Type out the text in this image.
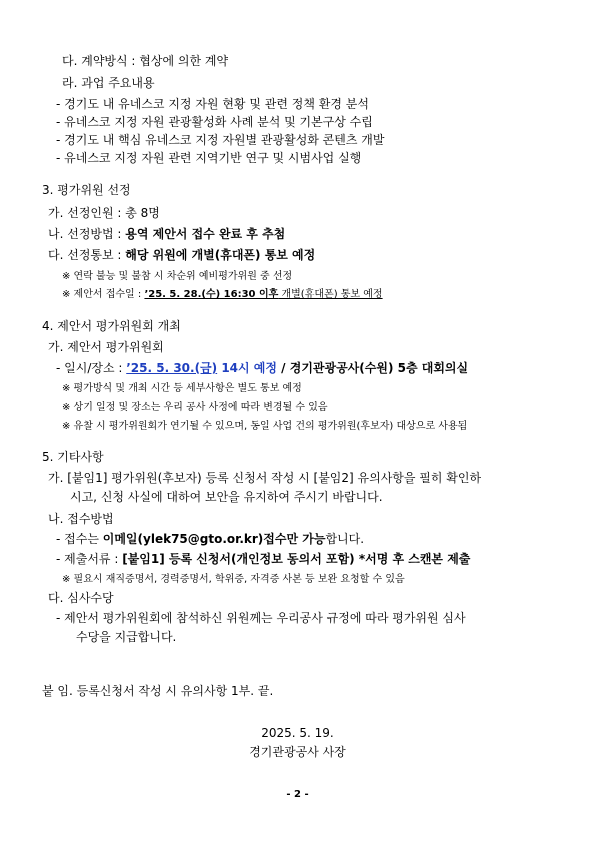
다. 계약방식 : 협상에 의한 계약
라. 과업 주요내용
- 경기도 내 유네스코 지정 자원 현황 및 관련 정책 환경 분석
- 유네스코 지정 자원 관광활성화 사례 분석 및 기본구상 수립
- 경기도 내 핵심 유네스코 지정 자원별 관광활성화 콘텐츠 개발
- 유네스코 지정 자원 관련 지역기반 연구 및 시범사업 실행
3. 평가위원 선정
가. 선정인원 : 총 8명
나. 선정방법 : 용역 제안서 접수 완료 후 추첨
다. 선정통보 : 해당 위원에 개별(휴대폰) 통보 예정
※ 연락 불능 및 불참 시 차순위 예비평가위원 중 선정
※ 제안서 접수일 : ’25. 5. 28.(수) 16:30 이후 개별(휴대폰) 통보 예정
4. 제안서 평가위원회 개최
가. 제안서 평가위원회
- 일시/장소 : ’25. 5. 30.(금) 14시 예정 / 경기관광공사(수원) 5층 대회의실
※ 평가방식 및 개최 시간 등 세부사항은 별도 통보 예정
※ 상기 일정 및 장소는 우리 공사 사정에 따라 변경될 수 있음
※ 유찰 시 평가위원회가 연기될 수 있으며, 동일 사업 건의 평가위원(후보자) 대상으로 사용됨
5. 기타사항
가. [붙임1] 평가위원(후보자) 등록 신청서 작성 시 [붙임2] 유의사항을 필히 확인하
시고, 신청 사실에 대하여 보안을 유지하여 주시기 바랍니다.
나. 접수방법
- 접수는 이메일(ylek75@gto.or.kr)접수만 가능합니다.
- 제출서류 : [붙임1] 등록 신청서(개인정보 동의서 포함) *서명 후 스캔본 제출
※ 필요시 재직증명서, 경력증명서, 학위증, 자격증 사본 등 보완 요청할 수 있음
다. 심사수당
- 제안서 평가위원회에 참석하신 위원께는 우리공사 규정에 따라 평가위원 심사
수당을 지급합니다.
붙 임. 등록신청서 작성 시 유의사항 1부. 끝.
2025. 5. 19.
경기관광공사 사장
- 2 -
